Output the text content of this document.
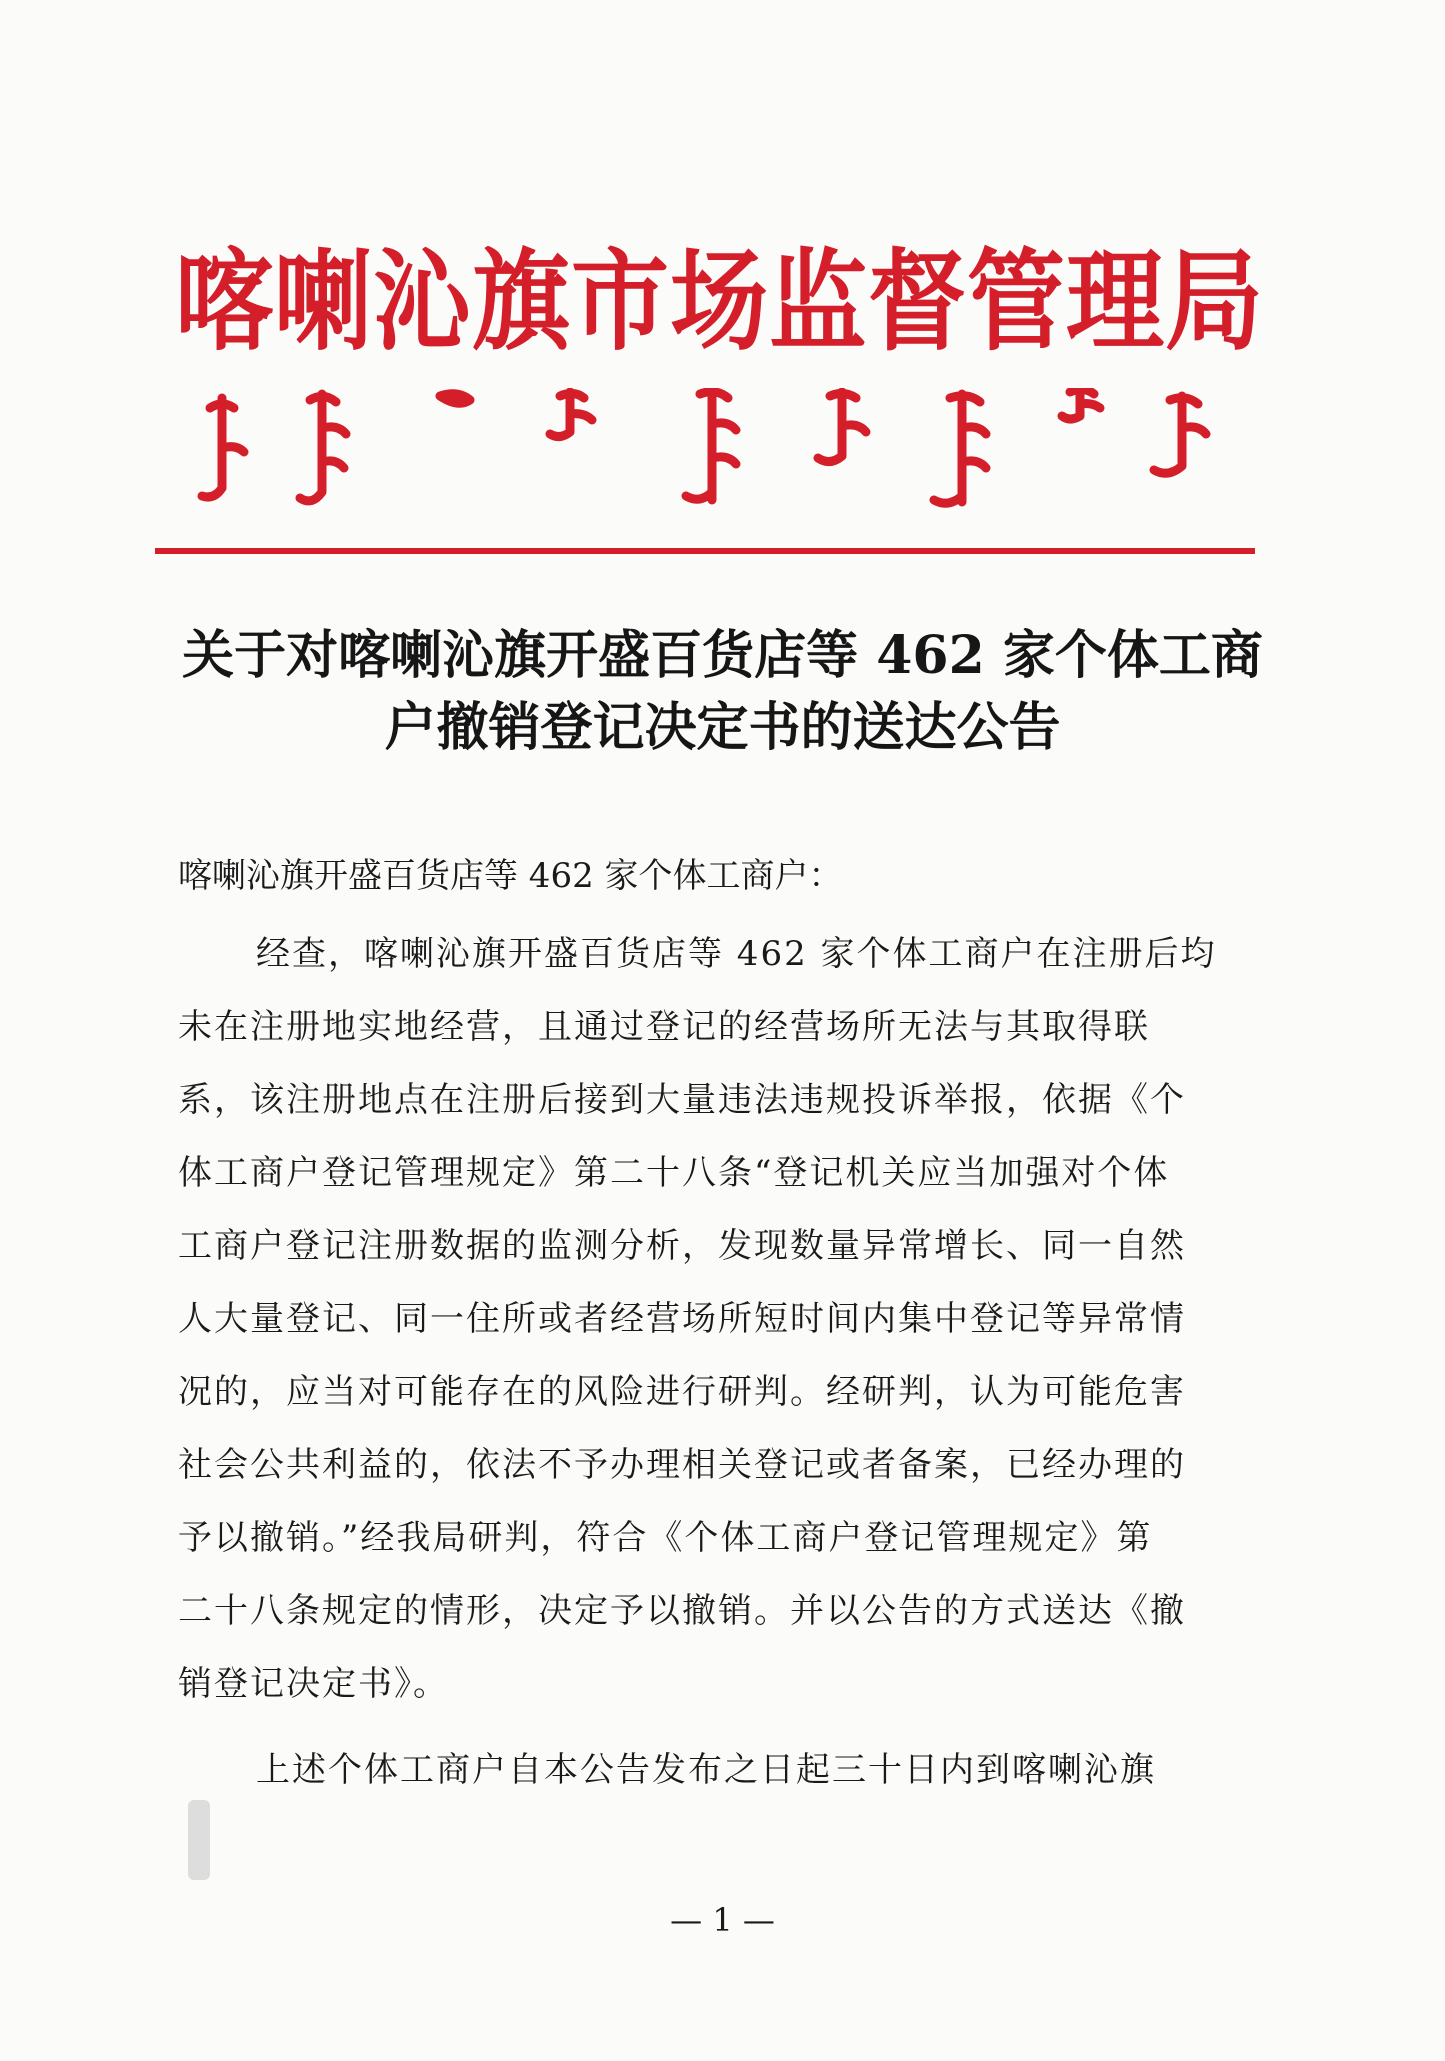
喀喇沁旗市场监督管理局
关于对喀喇沁旗开盛百货店等 462 家个体工商
户撤销登记决定书的送达公告
喀喇沁旗开盛百货店等 462 家个体工商户：
经查，喀喇沁旗开盛百货店等 462 家个体工商户在注册后均
未在注册地实地经营，且通过登记的经营场所无法与其取得联
系，该注册地点在注册后接到大量违法违规投诉举报，依据《个
体工商户登记管理规定》第二十八条“登记机关应当加强对个体
工商户登记注册数据的监测分析，发现数量异常增长、同一自然
人大量登记、同一住所或者经营场所短时间内集中登记等异常情
况的，应当对可能存在的风险进行研判。经研判，认为可能危害
社会公共利益的，依法不予办理相关登记或者备案，已经办理的
予以撤销。”经我局研判，符合《个体工商户登记管理规定》第
二十八条规定的情形，决定予以撤销。并以公告的方式送达《撤
销登记决定书》。
上述个体工商户自本公告发布之日起三十日内到喀喇沁旗
— 1 —
